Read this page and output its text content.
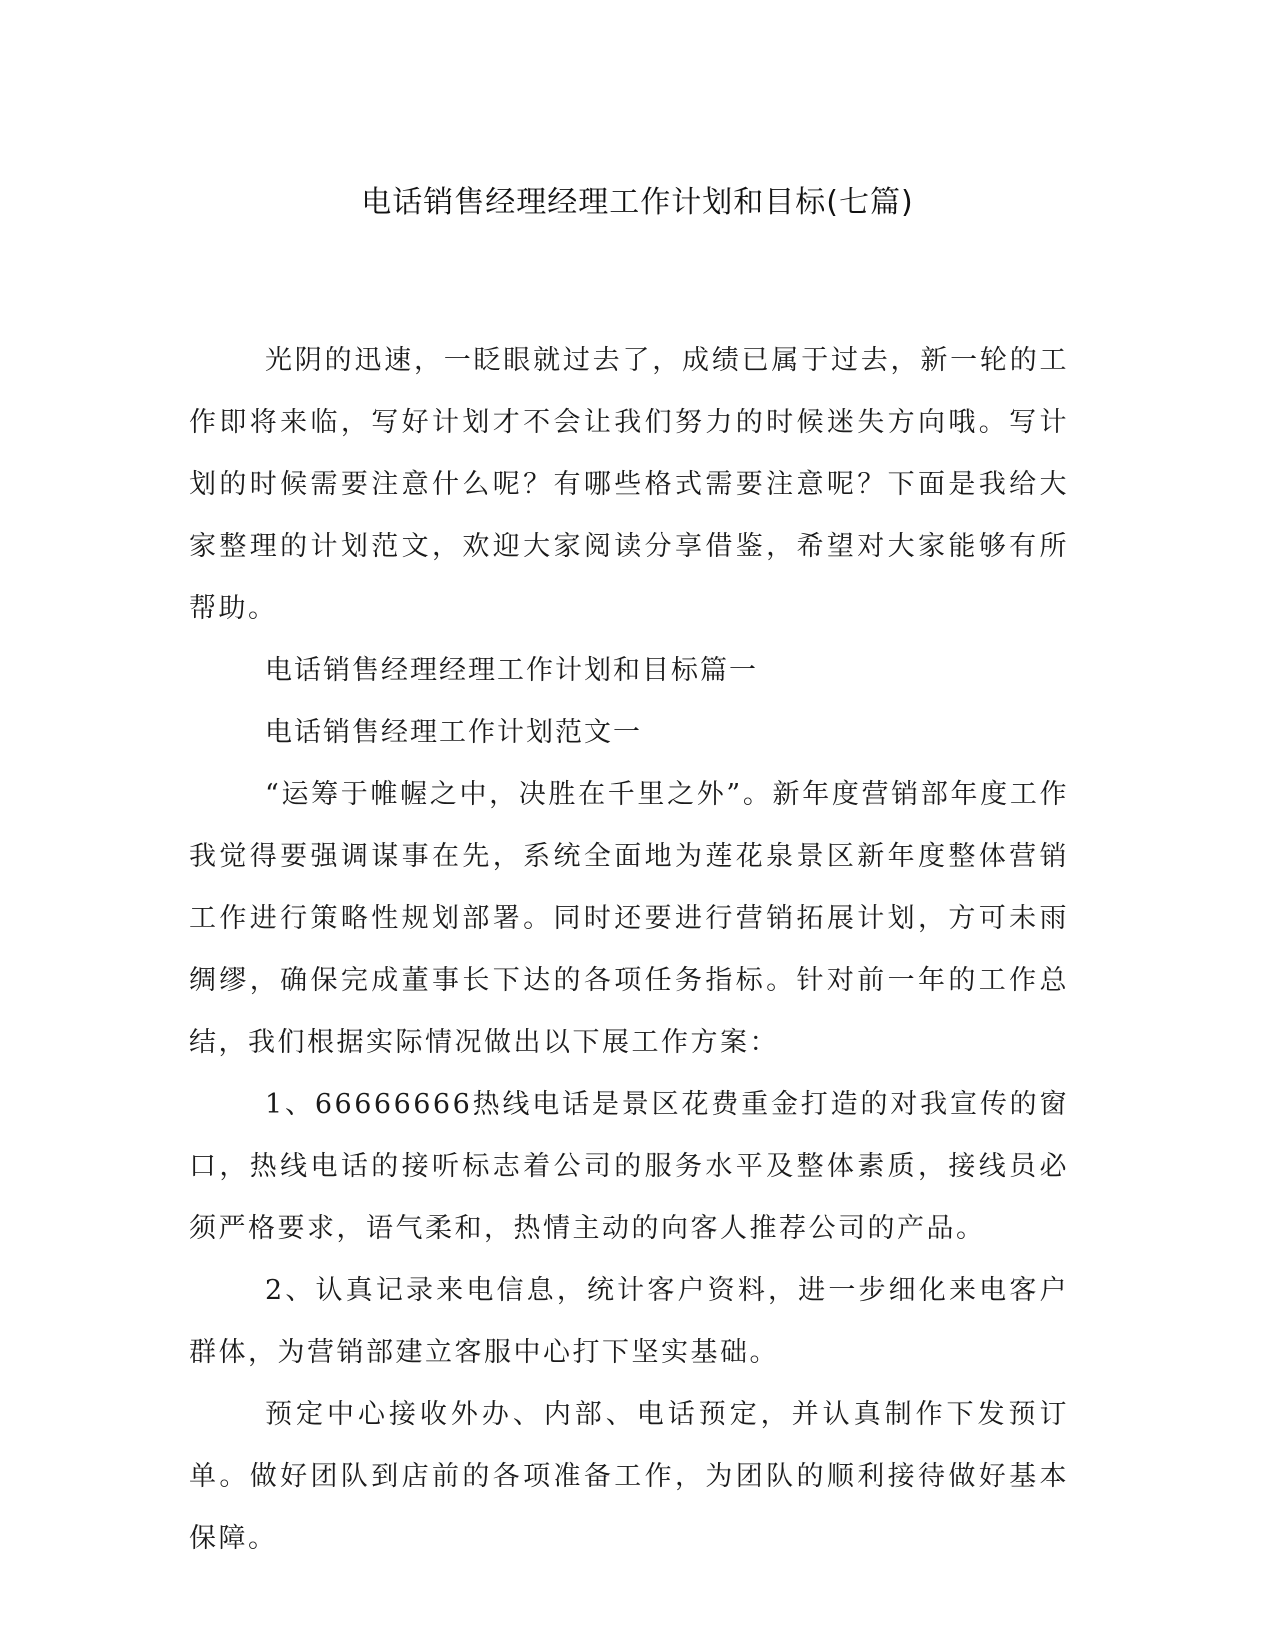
电话销售经理经理工作计划和目标(七篇)

光阴的迅速，一眨眼就过去了，成绩已属于过去，新一轮的工作即将来临，写好计划才不会让我们努力的时候迷失方向哦。写计划的时候需要注意什么呢？有哪些格式需要注意呢？下面是我给大家整理的计划范文，欢迎大家阅读分享借鉴，希望对大家能够有所帮助。

电话销售经理经理工作计划和目标篇一

电话销售经理工作计划范文一

“运筹于帷幄之中，决胜在千里之外”。新年度营销部年度工作我觉得要强调谋事在先，系统全面地为莲花泉景区新年度整体营销工作进行策略性规划部署。同时还要进行营销拓展计划，方可未雨绸缪，确保完成董事长下达的各项任务指标。针对前一年的工作总结，我们根据实际情况做出以下展工作方案：

1、66666666热线电话是景区花费重金打造的对我宣传的窗口，热线电话的接听标志着公司的服务水平及整体素质，接线员必须严格要求，语气柔和，热情主动的向客人推荐公司的产品。

2、认真记录来电信息，统计客户资料，进一步细化来电客户群体，为营销部建立客服中心打下坚实基础。

预定中心接收外办、内部、电话预定，并认真制作下发预订单。做好团队到店前的各项准备工作，为团队的顺利接待做好基本保障。
